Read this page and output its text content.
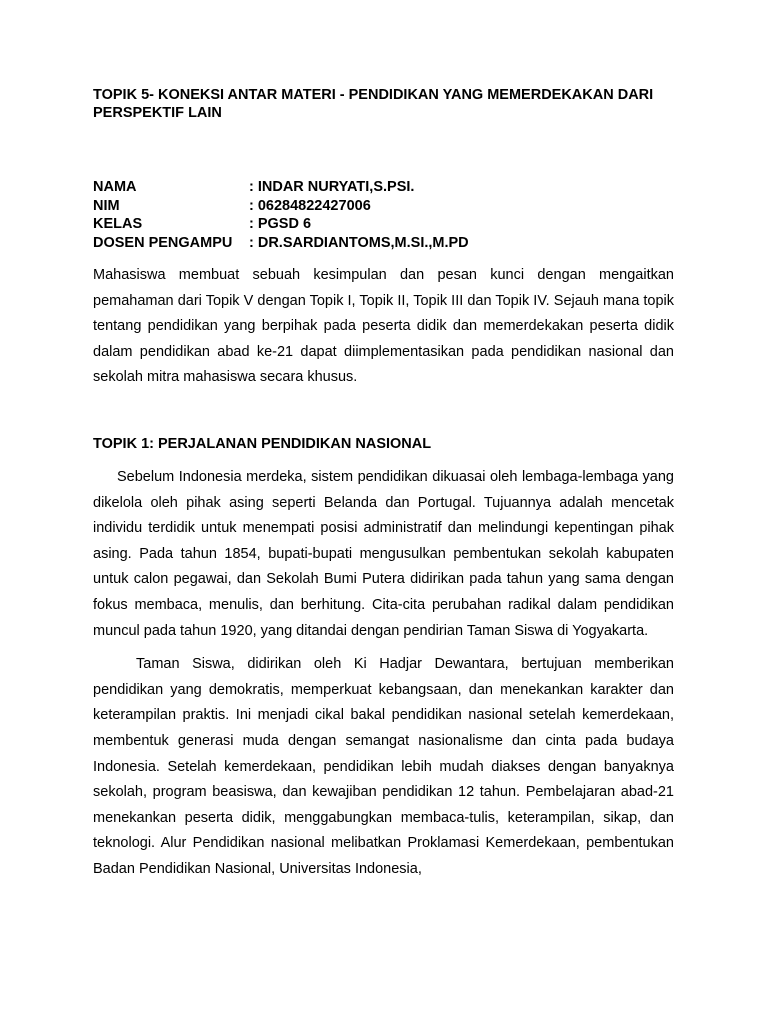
TOPIK 5- KONEKSI ANTAR MATERI - PENDIDIKAN YANG MEMERDEKAKAN DARI PERSPEKTIF LAIN
NAMA	: INDAR NURYATI,S.PSI.
NIM	: 06284822427006
KELAS	: PGSD 6
DOSEN PENGAMPU	: DR.SARDIANTOMS,M.SI.,M.PD

Mahasiswa membuat sebuah kesimpulan dan pesan kunci dengan mengaitkan pemahaman dari Topik V dengan Topik I, Topik II, Topik III dan Topik IV. Sejauh mana topik tentang pendidikan yang berpihak pada peserta didik dan memerdekakan peserta didik dalam pendidikan abad ke-21 dapat diimplementasikan pada pendidikan nasional dan sekolah mitra mahasiswa secara khusus.

TOPIK 1: PERJALANAN PENDIDIKAN NASIONAL

Sebelum Indonesia merdeka, sistem pendidikan dikuasai oleh lembaga-lembaga yang dikelola oleh pihak asing seperti Belanda dan Portugal. Tujuannya adalah mencetak individu terdidik untuk menempati posisi administratif dan melindungi kepentingan pihak asing. Pada tahun 1854, bupati-bupati mengusulkan pembentukan sekolah kabupaten untuk calon pegawai, dan Sekolah Bumi Putera didirikan pada tahun yang sama dengan fokus membaca, menulis, dan berhitung. Cita-cita perubahan radikal dalam pendidikan muncul pada tahun 1920, yang ditandai dengan pendirian Taman Siswa di Yogyakarta.

Taman Siswa, didirikan oleh Ki Hadjar Dewantara, bertujuan memberikan pendidikan yang demokratis, memperkuat kebangsaan, dan menekankan karakter dan keterampilan praktis. Ini menjadi cikal bakal pendidikan nasional setelah kemerdekaan, membentuk generasi muda dengan semangat nasionalisme dan cinta pada budaya Indonesia. Setelah kemerdekaan, pendidikan lebih mudah diakses dengan banyaknya sekolah, program beasiswa, dan kewajiban pendidikan 12 tahun. Pembelajaran abad-21 menekankan peserta didik, menggabungkan membaca-tulis, keterampilan, sikap, dan teknologi. Alur Pendidikan nasional melibatkan Proklamasi Kemerdekaan, pembentukan Badan Pendidikan Nasional, Universitas Indonesia,
